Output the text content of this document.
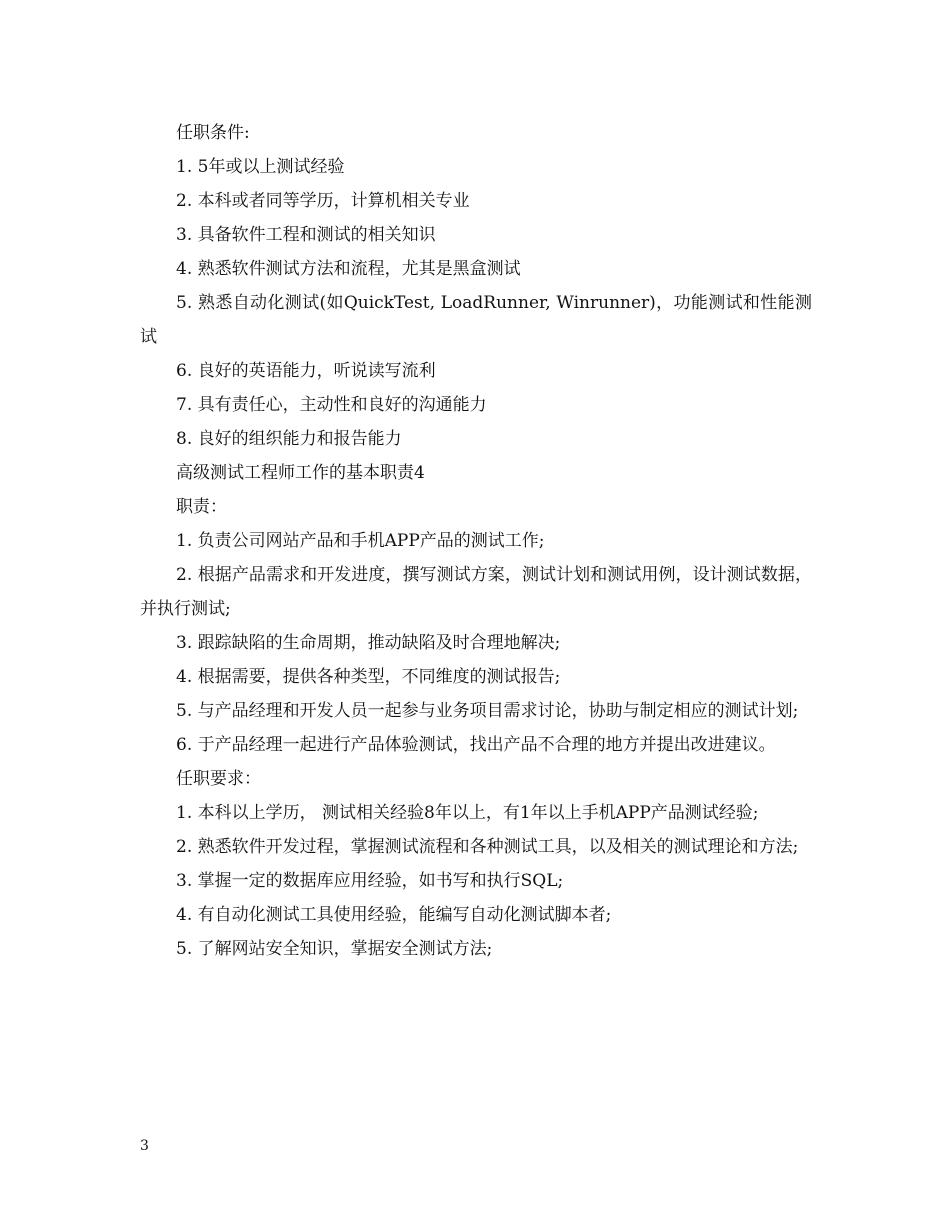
任职条件:

1. 5年或以上测试经验

2. 本科或者同等学历，计算机相关专业

3. 具备软件工程和测试的相关知识

4. 熟悉软件测试方法和流程，尤其是黑盒测试

5. 熟悉自动化测试(如QuickTest, LoadRunner, Winrunner)，功能测试和性能测试

6. 良好的英语能力，听说读写流利

7. 具有责任心，主动性和良好的沟通能力

8. 良好的组织能力和报告能力

高级测试工程师工作的基本职责4

职责：

1. 负责公司网站产品和手机APP产品的测试工作;

2. 根据产品需求和开发进度，撰写测试方案，测试计划和测试用例，设计测试数据，并执行测试;

3. 跟踪缺陷的生命周期，推动缺陷及时合理地解决;

4. 根据需要，提供各种类型，不同维度的测试报告;

5. 与产品经理和开发人员一起参与业务项目需求讨论，协助与制定相应的测试计划;

6. 于产品经理一起进行产品体验测试，找出产品不合理的地方并提出改进建议。

任职要求：

1. 本科以上学历， 测试相关经验8年以上，有1年以上手机APP产品测试经验;

2. 熟悉软件开发过程，掌握测试流程和各种测试工具，以及相关的测试理论和方法;

3. 掌握一定的数据库应用经验，如书写和执行SQL;

4. 有自动化测试工具使用经验，能编写自动化测试脚本者;

5. 了解网站安全知识，掌据安全测试方法;

3
